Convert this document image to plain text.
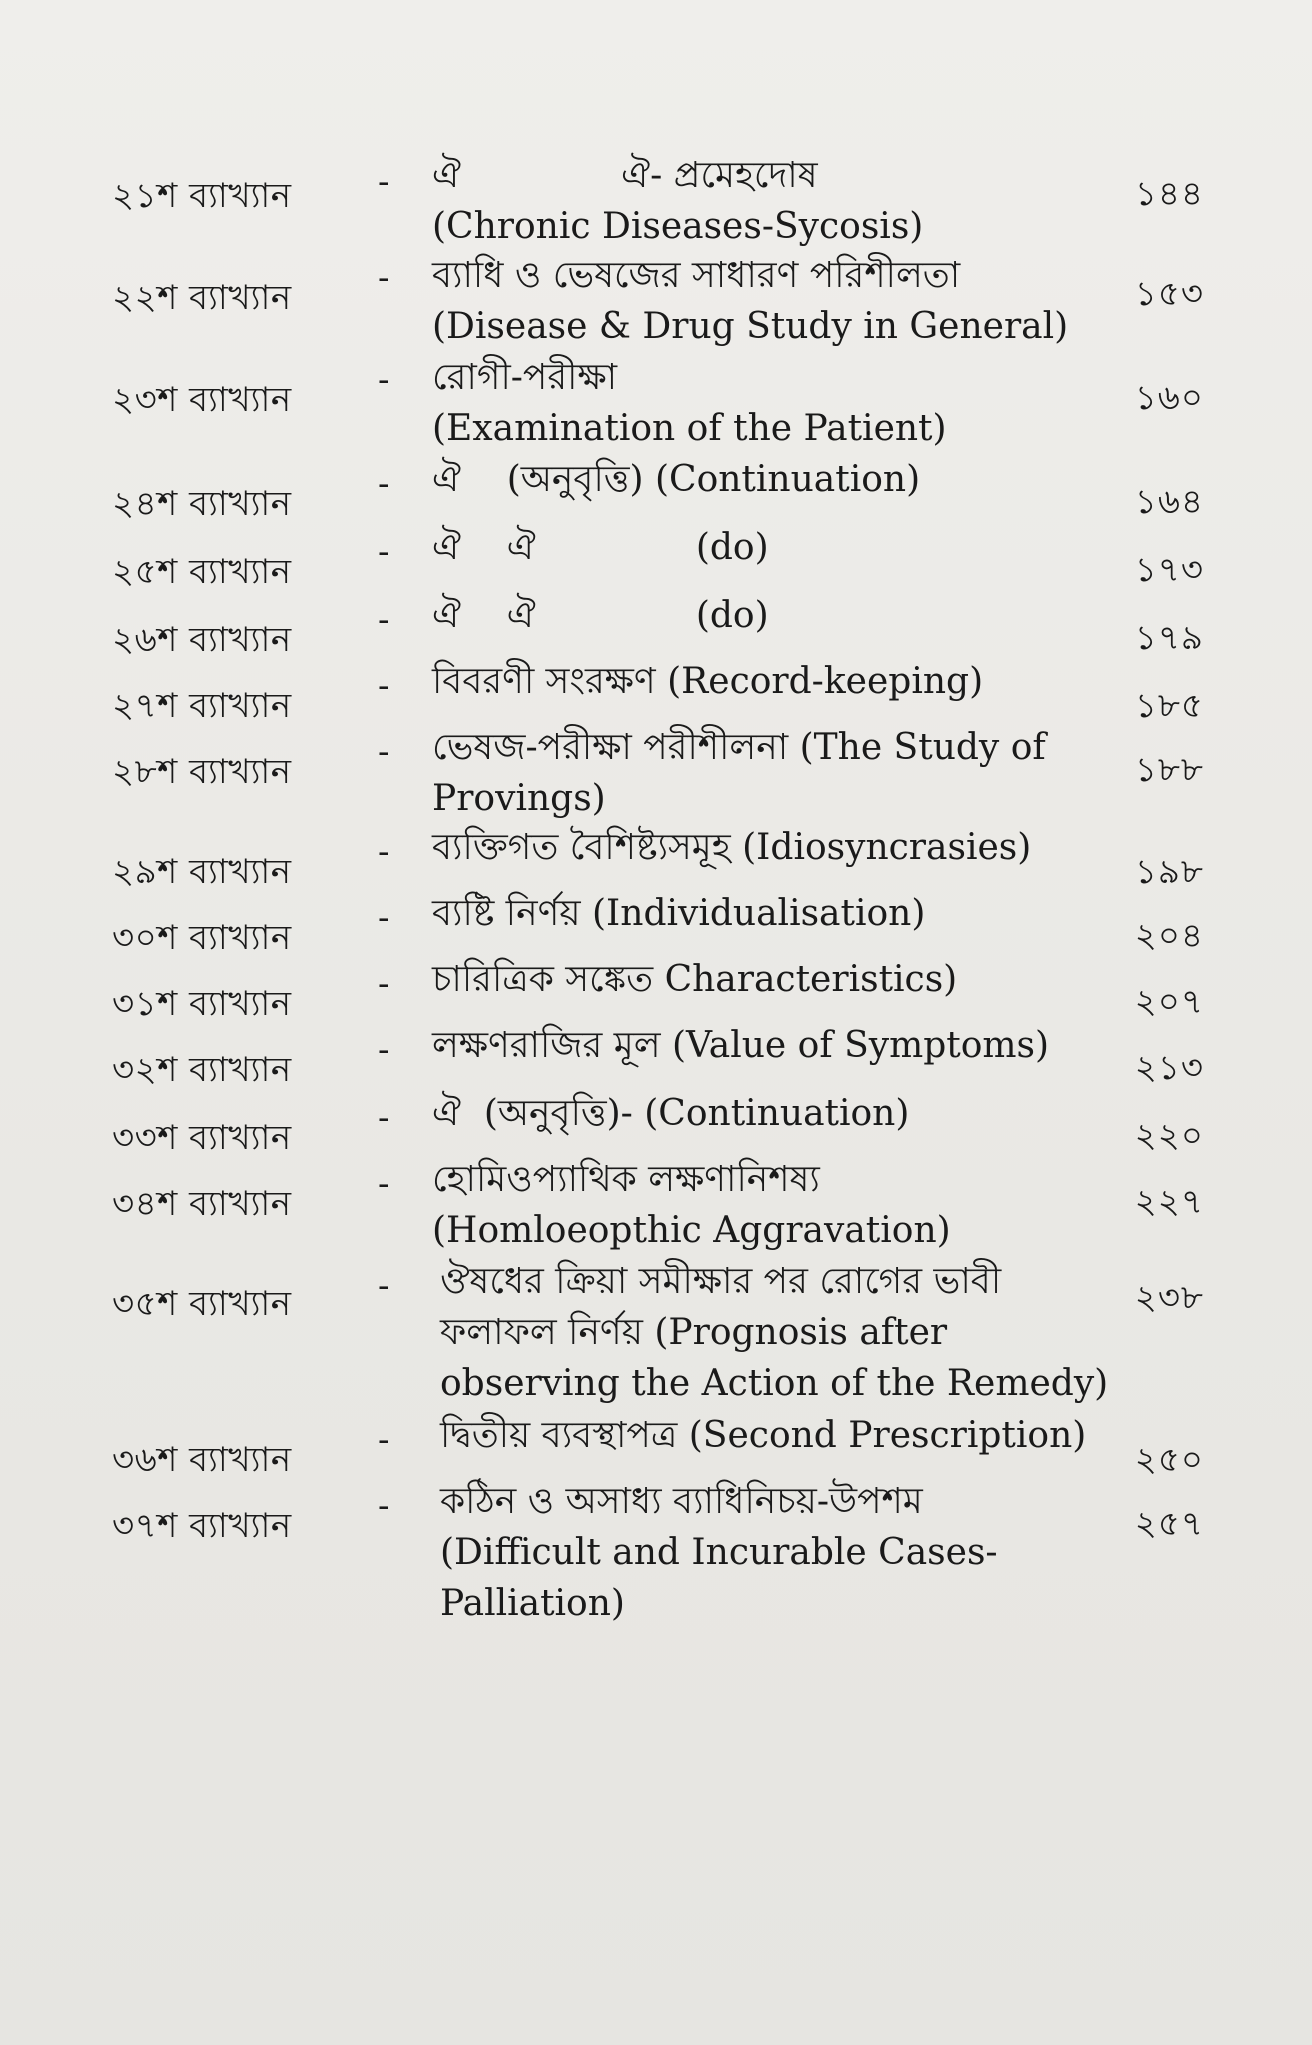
২১শ ব্যাখ্যান	- ঐ              ঐ- প্রমেহদোষ
(Chronic Diseases-Sycosis)
১৪৪
২২শ ব্যাখ্যান	- ব্যাধি ও ভেষজের সাধারণ পরিশীলতা
(Disease & Drug Study in General)
১৫৩
২৩শ ব্যাখ্যান	- রোগী-পরীক্ষা
(Examination of the Patient)
১৬০
২৪শ ব্যাখ্যান	- ঐ    (অনুবৃত্তি) (Continuation)
১৬৪
২৫শ ব্যাখ্যান	- ঐ    ঐ              (do)
১৭৩
২৬শ ব্যাখ্যান	- ঐ    ঐ              (do)
১৭৯
২৭শ ব্যাখ্যান	- বিবরণী সংরক্ষণ (Record-keeping)
১৮৫
২৮শ ব্যাখ্যান	- ভেষজ-পরীক্ষা পরীশীলনা (The Study of
Provings)
১৮৮
২৯শ ব্যাখ্যান	- ব্যক্তিগত বৈশিষ্ট্যসমূহ (Idiosyncrasies)
১৯৮
৩০শ ব্যাখ্যান	- ব্যষ্টি নির্ণয় (Individualisation)
২০৪
৩১শ ব্যাখ্যান	- চারিত্রিক সঙ্কেত Characteristics)
২০৭
৩২শ ব্যাখ্যান	- লক্ষণরাজির মূল (Value of Symptoms)
২১৩
৩৩শ ব্যাখ্যান	- ঐ  (অনুবৃত্তি)- (Continuation)
২২০
৩৪শ ব্যাখ্যান	- হোমিওপ্যাথিক লক্ষণানিশষ্য
(Homloeopthic Aggravation)
২২৭
৩৫শ ব্যাখ্যান	- ঔষধের ক্রিয়া সমীক্ষার পর রোগের ভাবী
ফলাফল নির্ণয় (Prognosis after
observing the Action of the Remedy)
২৩৮
৩৬শ ব্যাখ্যান	- দ্বিতীয় ব্যবস্থাপত্র (Second Prescription)
২৫০
৩৭শ ব্যাখ্যান	- কঠিন ও অসাধ্য ব্যাধিনিচয়-উপশম
(Difficult and Incurable Cases-
Palliation)
২৫৭
